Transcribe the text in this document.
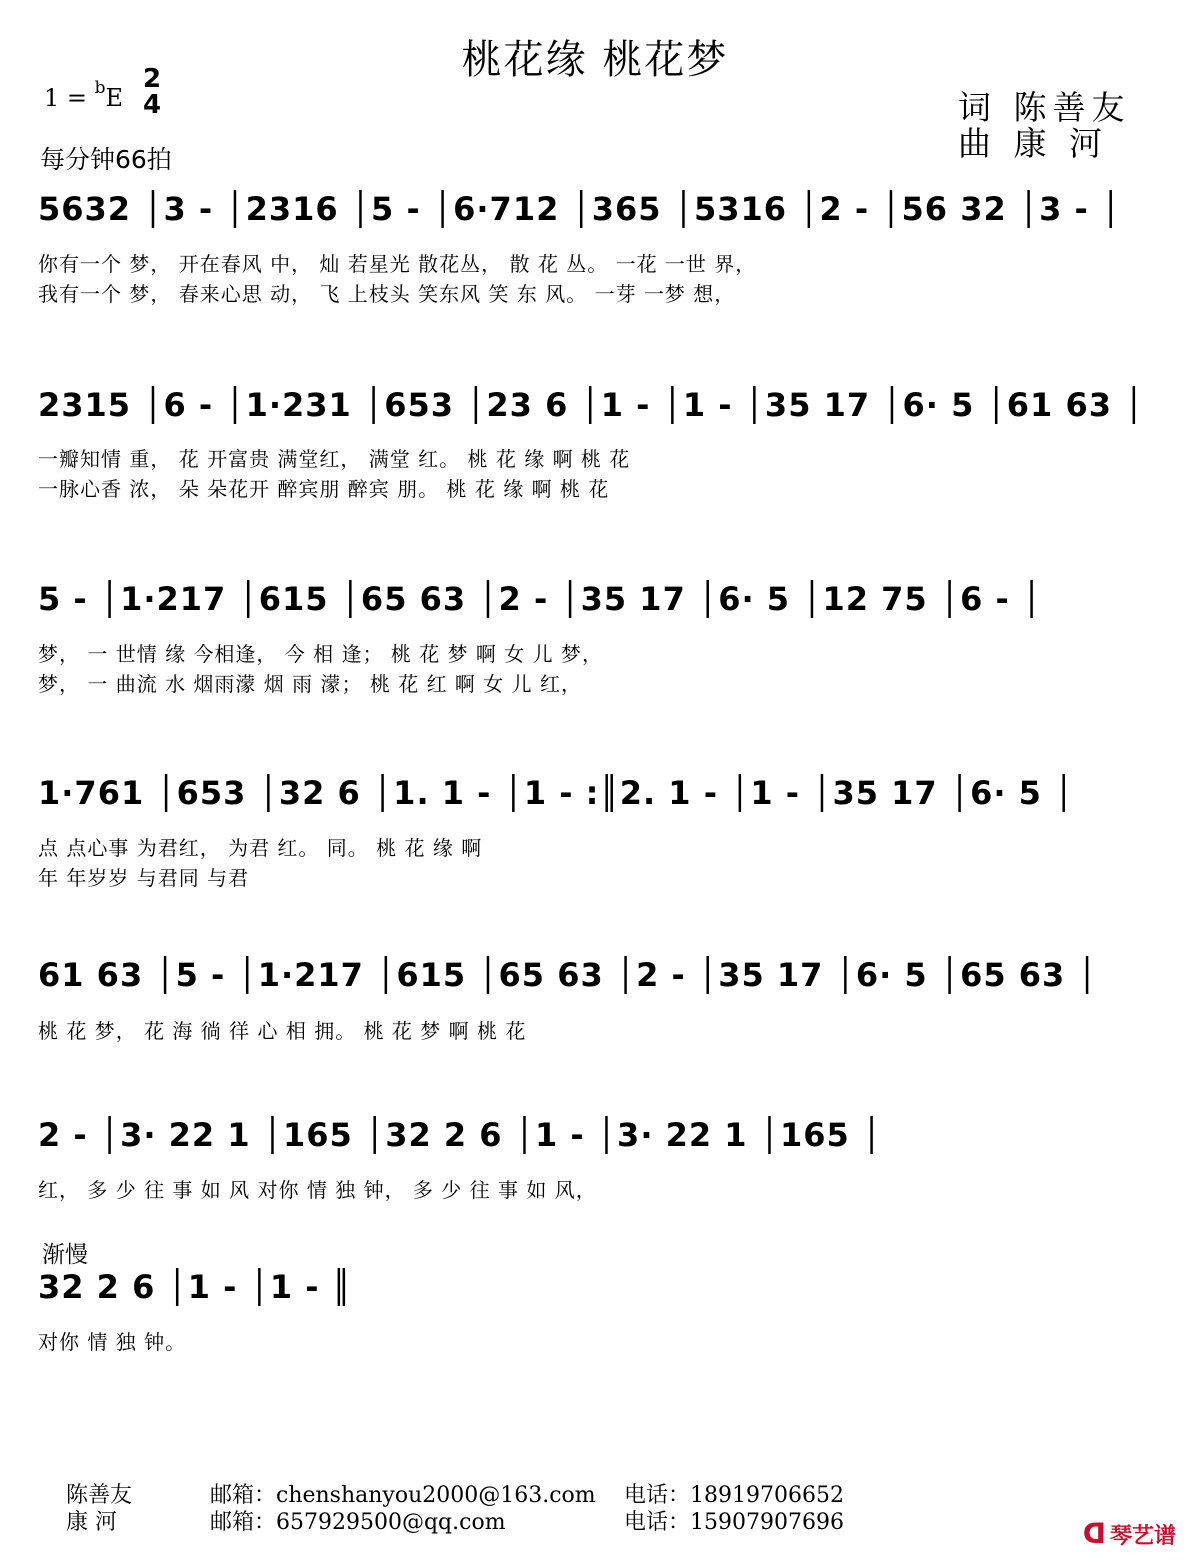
桃花缘 桃花梦
1 = $^b$E
2
4
每分钟66拍
词 陈善友
曲 康 河
5632 │3 - │2316 │5 - │6·712 │365 │5316 │2 - │56 32 │3 - │
你有一个 梦， 开在春风 中， 灿 若星光 散花丛， 散 花 丛。 一花 一世 界，
我有一个 梦， 春来心思 动， 飞 上枝头 笑东风 笑 东 风。 一芽 一梦 想，
2315 │6 - │1·231 │653 │23 6 │1 - │1 - │35 17 │6· 5 │61 63 │
一瓣知情 重， 花 开富贵 满堂红， 满堂 红。 桃 花 缘 啊 桃 花
一脉心香 浓， 朵 朵花开 醉宾朋 醉宾 朋。 桃 花 缘 啊 桃 花
5 - │1·217 │615 │65 63 │2 - │35 17 │6· 5 │12 75 │6 - │
梦， 一 世情 缘 今相逢， 今 相 逢； 桃 花 梦 啊 女 儿 梦，
梦， 一 曲流 水 烟雨濛 烟 雨 濛； 桃 花 红 啊 女 儿 红，
1·761 │653 │32 6 │1. 1 - │1 - :║2. 1 - │1 - │35 17 │6· 5 │
点 点心事 为君红， 为君 红。 同。 桃 花 缘 啊
年 年岁岁 与君同 与君
61 63 │5 - │1·217 │615 │65 63 │2 - │35 17 │6· 5 │65 63 │
桃 花 梦， 花 海 徜 徉 心 相 拥。 桃 花 梦 啊 桃 花
2 - │3· 22 1 │165 │32 2 6 │1 - │3· 22 1 │165 │
红， 多 少 往 事 如 风 对你 情 独 钟， 多 少 往 事 如 风，
渐慢
32 2 6 │1 - │1 - ║
对你 情 独 钟。
陈善友	邮箱：chenshanyou2000@163.com 电话：18919706652
康 河	邮箱：657929500@qq.com	电话：15907907696	ᗡ 琴艺谱
